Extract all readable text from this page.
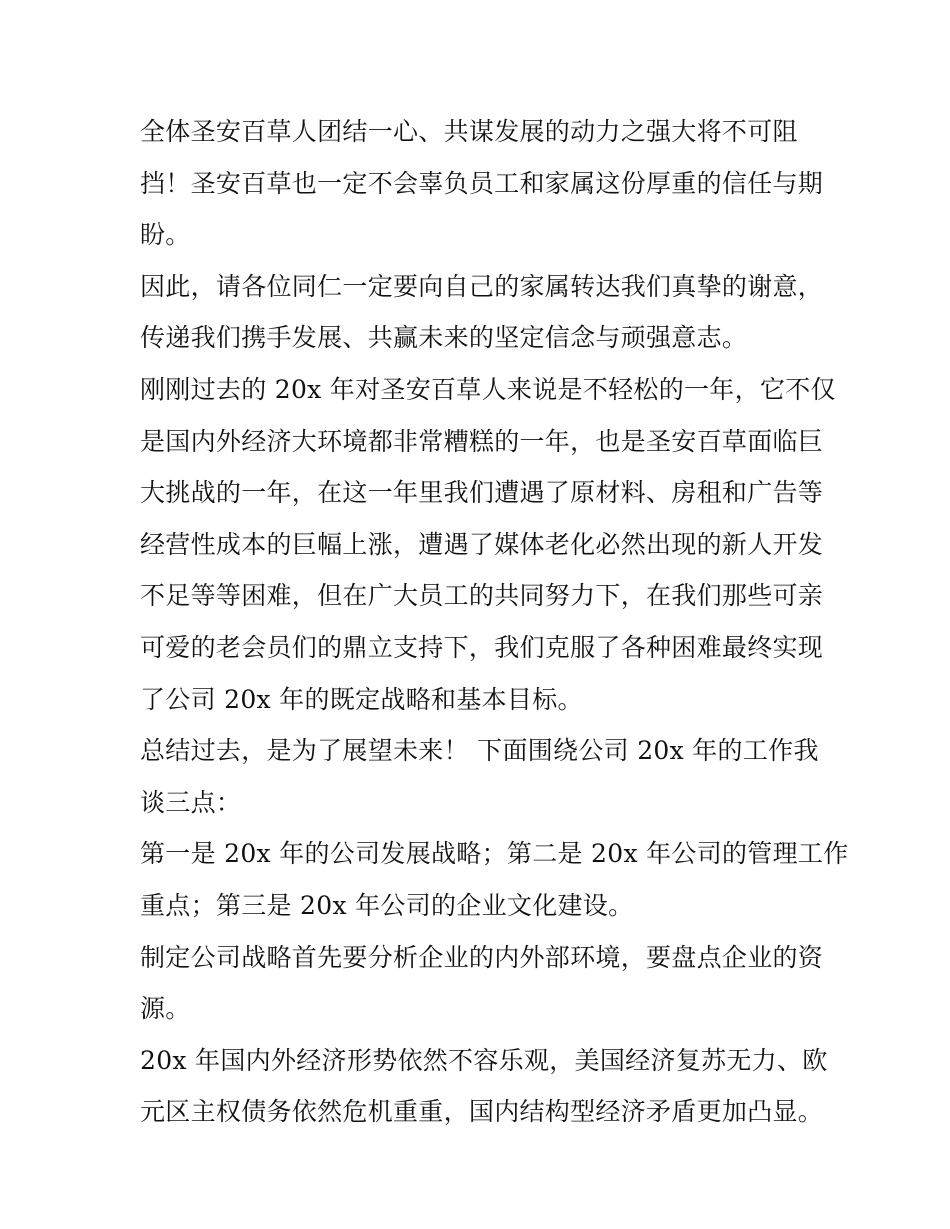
全体圣安百草人团结一心、共谋发展的动力之强大将不可阻
挡！圣安百草也一定不会辜负员工和家属这份厚重的信任与期
盼。
因此，请各位同仁一定要向自己的家属转达我们真挚的谢意，
传递我们携手发展、共赢未来的坚定信念与顽强意志。
刚刚过去的 20x 年对圣安百草人来说是不轻松的一年，它不仅
是国内外经济大环境都非常糟糕的一年，也是圣安百草面临巨
大挑战的一年，在这一年里我们遭遇了原材料、房租和广告等
经营性成本的巨幅上涨，遭遇了媒体老化必然出现的新人开发
不足等等困难，但在广大员工的共同努力下，在我们那些可亲
可爱的老会员们的鼎立支持下，我们克服了各种困难最终实现
了公司 20x 年的既定战略和基本目标。
总结过去，是为了展望未来！ 下面围绕公司 20x 年的工作我
谈三点：
第一是 20x 年的公司发展战略；第二是 20x 年公司的管理工作
重点；第三是 20x 年公司的企业文化建设。
制定公司战略首先要分析企业的内外部环境，要盘点企业的资
源。
20x 年国内外经济形势依然不容乐观，美国经济复苏无力、欧
元区主权债务依然危机重重，国内结构型经济矛盾更加凸显。
